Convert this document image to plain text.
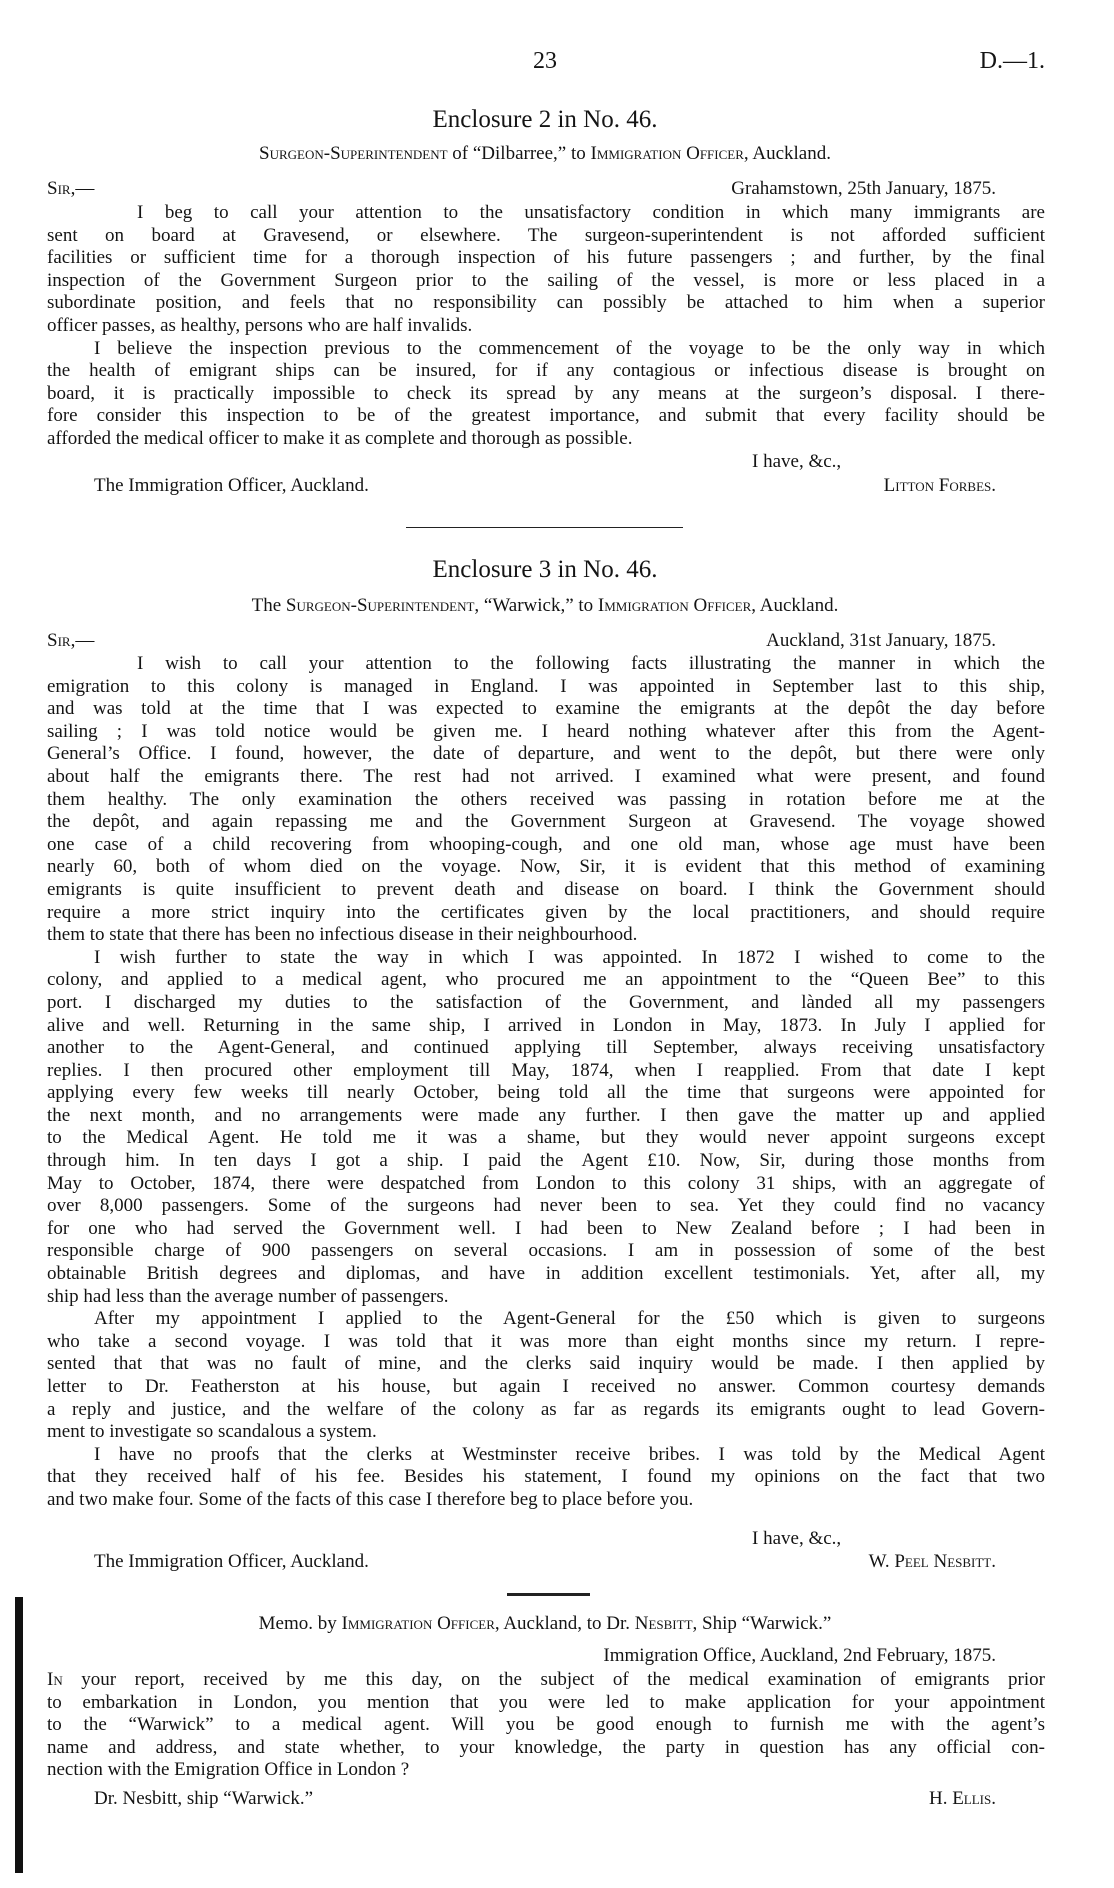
23	D.—1.
Enclosure 2 in No. 46.
Surgeon-Superintendent of “Dilbarree,” to Immigration Officer, Auckland.
Sir,—	Grahamstown, 25th January, 1875.
I beg to call your attention to the unsatisfactory condition in which many immigrants are
sent on board at Gravesend, or elsewhere. The surgeon-superintendent is not afforded sufficient
facilities or sufficient time for a thorough inspection of his future passengers ; and further, by the final
inspection of the Government Surgeon prior to the sailing of the vessel, is more or less placed in a
subordinate position, and feels that no responsibility can possibly be attached to him when a superior
officer passes, as healthy, persons who are half invalids.
I believe the inspection previous to the commencement of the voyage to be the only way in which
the health of emigrant ships can be insured, for if any contagious or infectious disease is brought on
board, it is practically impossible to check its spread by any means at the surgeon’s disposal. I there-
fore consider this inspection to be of the greatest importance, and submit that every facility should be
afforded the medical officer to make it as complete and thorough as possible.
I have, &c.,
The Immigration Officer, Auckland.	Litton Forbes.
Enclosure 3 in No. 46.
The Surgeon-Superintendent, “Warwick,” to Immigration Officer, Auckland.
Sir,—	Auckland, 31st January, 1875.
I wish to call your attention to the following facts illustrating the manner in which the
emigration to this colony is managed in England. I was appointed in September last to this ship,
and was told at the time that I was expected to examine the emigrants at the depôt the day before
sailing ; I was told notice would be given me. I heard nothing whatever after this from the Agent-
General’s Office. I found, however, the date of departure, and went to the depôt, but there were only
about half the emigrants there. The rest had not arrived. I examined what were present, and found
them healthy. The only examination the others received was passing in rotation before me at the
the depôt, and again repassing me and the Government Surgeon at Gravesend. The voyage showed
one case of a child recovering from whooping-cough, and one old man, whose age must have been
nearly 60, both of whom died on the voyage. Now, Sir, it is evident that this method of examining
emigrants is quite insufficient to prevent death and disease on board. I think the Government should
require a more strict inquiry into the certificates given by the local practitioners, and should require
them to state that there has been no infectious disease in their neighbourhood.
I wish further to state the way in which I was appointed. In 1872 I wished to come to the
colony, and applied to a medical agent, who procured me an appointment to the “Queen Bee” to this
port. I discharged my duties to the satisfaction of the Government, and lànded all my passengers
alive and well. Returning in the same ship, I arrived in London in May, 1873. In July I applied for
another to the Agent-General, and continued applying till September, always receiving unsatisfactory
replies. I then procured other employment till May, 1874, when I reapplied. From that date I kept
applying every few weeks till nearly October, being told all the time that surgeons were appointed for
the next month, and no arrangements were made any further. I then gave the matter up and applied
to the Medical Agent. He told me it was a shame, but they would never appoint surgeons except
through him. In ten days I got a ship. I paid the Agent £10. Now, Sir, during those months from
May to October, 1874, there were despatched from London to this colony 31 ships, with an aggregate of
over 8,000 passengers. Some of the surgeons had never been to sea. Yet they could find no vacancy
for one who had served the Government well. I had been to New Zealand before ; I had been in
responsible charge of 900 passengers on several occasions. I am in possession of some of the best
obtainable British degrees and diplomas, and have in addition excellent testimonials. Yet, after all, my
ship had less than the average number of passengers.
After my appointment I applied to the Agent-General for the £50 which is given to surgeons
who take a second voyage. I was told that it was more than eight months since my return. I repre-
sented that that was no fault of mine, and the clerks said inquiry would be made. I then applied by
letter to Dr. Featherston at his house, but again I received no answer. Common courtesy demands
a reply and justice, and the welfare of the colony as far as regards its emigrants ought to lead Govern-
ment to investigate so scandalous a system.
I have no proofs that the clerks at Westminster receive bribes. I was told by the Medical Agent
that they received half of his fee. Besides his statement, I found my opinions on the fact that two
and two make four. Some of the facts of this case I therefore beg to place before you.
I have, &c.,
The Immigration Officer, Auckland.	W. Peel Nesbitt.
Memo. by Immigration Officer, Auckland, to Dr. Nesbitt, Ship “Warwick.”
Immigration Office, Auckland, 2nd February, 1875.
In your report, received by me this day, on the subject of the medical examination of emigrants prior
to embarkation in London, you mention that you were led to make application for your appointment
to the “Warwick” to a medical agent. Will you be good enough to furnish me with the agent’s
name and address, and state whether, to your knowledge, the party in question has any official con-
nection with the Emigration Office in London ?
Dr. Nesbitt, ship “Warwick.”	H. Ellis.
